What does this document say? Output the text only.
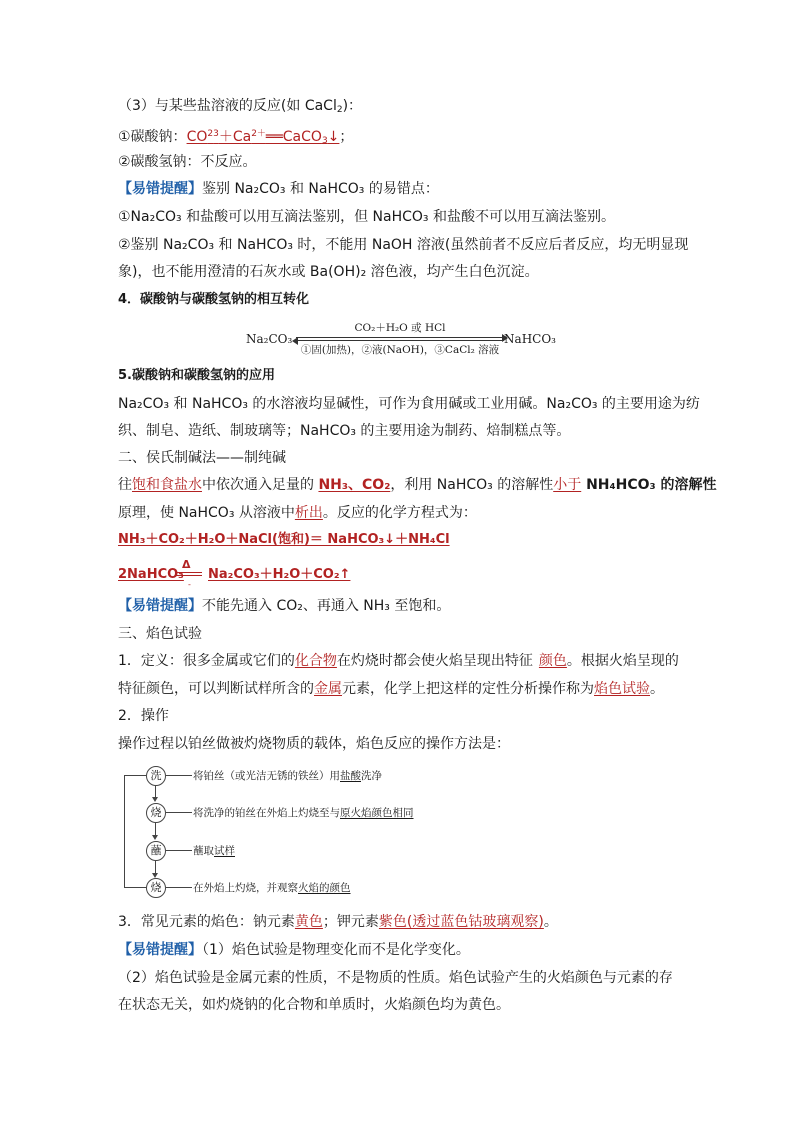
（3）与某些盐溶液的反应(如 CaCl$_2$)：
①碳酸钠：$CO^{23}+Ca^{2+}══CaCO_3↓$；
②碳酸氢钠：不反应。
【易错提醒】鉴别 Na₂CO₃ 和 NaHCO₃ 的易错点：
①Na₂CO₃ 和盐酸可以用互滴法鉴别，但 NaHCO₃ 和盐酸不可以用互滴法鉴别。
②鉴别 Na₂CO₃ 和 NaHCO₃ 时，不能用 NaOH 溶液(虽然前者不反应后者反应，均无明显现
象)，也不能用澄清的石灰水或 Ba(OH)₂ 溶色液，均产生白色沉淀。
4．碳酸钠与碳酸氢钠的相互转化
Na₂CO₃
CO₂＋H₂O 或 HCl
①固(加热)，②液(NaOH)，③CaCl₂ 溶液
NaHCO₃
5.碳酸钠和碳酸氢钠的应用
Na₂CO₃ 和 NaHCO₃ 的水溶液均显碱性，可作为食用碱或工业用碱。Na₂CO₃ 的主要用途为纺
织、制皂、造纸、制玻璃等；NaHCO₃ 的主要用途为制药、焙制糕点等。
二、侯氏制碱法——制纯碱
往饱和食盐水中依次通入足量的 NH₃、CO₂，利用 NaHCO₃ 的溶解性小于 NH₄HCO₃ 的溶解性
原理，使 NaHCO₃ 从溶液中析出。反应的化学方程式为：
NH₃＋CO₂＋H₂O＋NaCl(饱和)＝ NaHCO₃↓＋NH₄Cl
2NaHCO₃
Δ
-
Na₂CO₃＋H₂O＋CO₂↑
【易错提醒】不能先通入 CO₂、再通入 NH₃ 至饱和。
三、焰色试验
1．定义：很多金属或它们的化合物在灼烧时都会使火焰呈现出特征 颜色。根据火焰呈现的
特征颜色，可以判断试样所含的金属元素，化学上把这样的定性分析操作称为焰色试验。
2．操作
操作过程以铂丝做被灼烧物质的载体，焰色反应的操作方法是：
洗	将铂丝（或光洁无锈的铁丝）用盐酸洗净
烧	将洗净的铂丝在外焰上灼烧至与原火焰颜色相同
蘸	蘸取试样
烧	在外焰上灼烧，并观察火焰的颜色
3．常见元素的焰色：钠元素黄色；钾元素紫色(透过蓝色钴玻璃观察)。
【易错提醒】（1）焰色试验是物理变化而不是化学变化。
（2）焰色试验是金属元素的性质，不是物质的性质。焰色试验产生的火焰颜色与元素的存
在状态无关，如灼烧钠的化合物和单质时，火焰颜色均为黄色。
